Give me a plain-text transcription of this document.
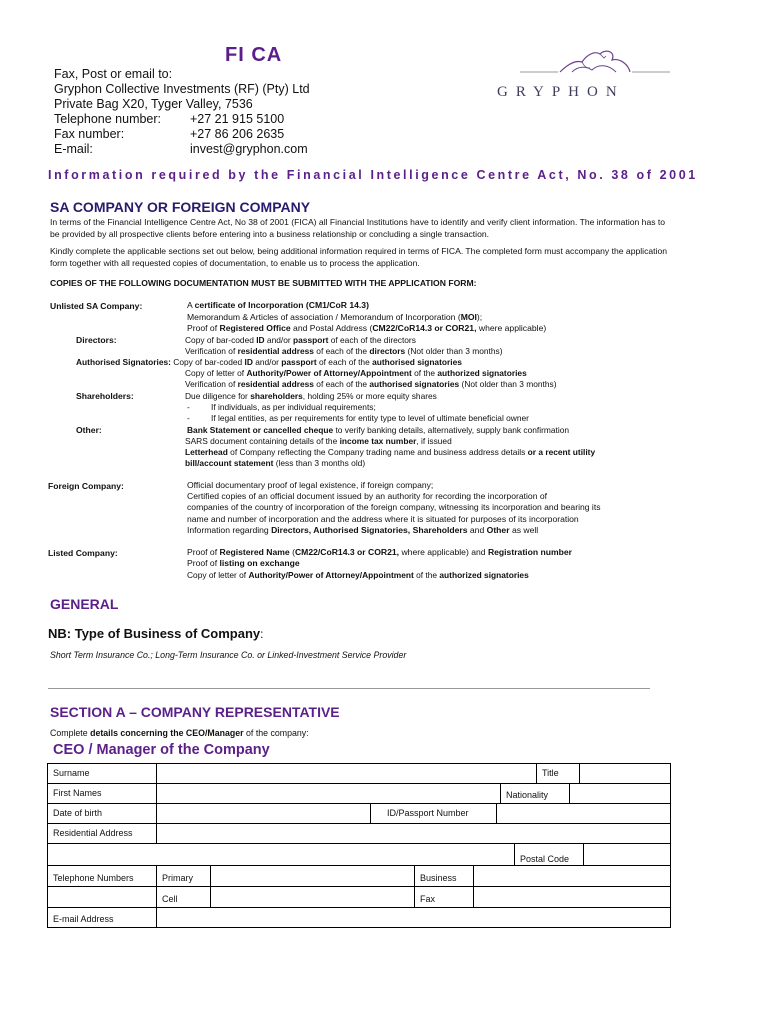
FI CA
Fax, Post or email to:
Gryphon Collective Investments (RF) (Pty) Ltd
Private Bag X20, Tyger Valley, 7536
Telephone number: +27 21 915 5100
Fax number:	+27 86 206 2635
E-mail:	invest@gryphon.com
GRYPHON
Information required by the Financial Intelligence Centre Act, No. 38 of 2001
SA COMPANY OR FOREIGN COMPANY
In terms of the Financial Intelligence Centre Act, No 38 of 2001 (FICA) all Financial Institutions have to identify and verify client information. The information has to be provided by all prospective clients before entering into a business relationship or concluding a single transaction.
Kindly complete the applicable sections set out below, being additional information required in terms of FICA. The completed form must accompany the application form together with all requested copies of documentation, to enable us to process the application.
COPIES OF THE FOLLOWING DOCUMENTATION MUST BE SUBMITTED WITH THE APPLICATION FORM:
Unlisted SA Company:	A certificate of Incorporation (CM1/CoR 14.3)
Memorandum & Articles of association / Memorandum of Incorporation (MOI);
Proof of Registered Office and Postal Address (CM22/CoR14.3 or COR21, where applicable)
Directors:	Copy of bar-coded ID and/or passport of each of the directors
Verification of residential address of each of the directors (Not older than 3 months)
Authorised Signatories: Copy of bar-coded ID and/or passport of each of the authorised signatories
Copy of letter of Authority/Power of Attorney/Appointment of the authorized signatories
Verification of residential address of each of the authorised signatories (Not older than 3 months)
Shareholders:	Due diligence for shareholders, holding 25% or more equity shares
-	If individuals, as per individual requirements;
-	If legal entities, as per requirements for entity type to level of ultimate beneficial owner
Other:	Bank Statement or cancelled cheque to verify banking details, alternatively, supply bank confirmation
SARS document containing details of the income tax number, if issued
Letterhead of Company reflecting the Company trading name and business address details or a recent utility
bill/account statement (less than 3 months old)
Foreign Company:	Official documentary proof of legal existence, if foreign company;
Certified copies of an official document issued by an authority for recording the incorporation of
companies of the country of incorporation of the foreign company, witnessing its incorporation and bearing its
name and number of incorporation and the address where it is situated for purposes of its incorporation
Information regarding Directors, Authorised Signatories, Shareholders and Other as well
Listed Company:	Proof of Registered Name (CM22/CoR14.3 or COR21, where applicable) and Registration number
Proof of listing on exchange
Copy of letter of Authority/Power of Attorney/Appointment of the authorized signatories
GENERAL
NB: Type of Business of Company:
Short Term Insurance Co.; Long-Term Insurance Co. or Linked-Investment Service Provider
SECTION A – COMPANY REPRESENTATIVE
Complete details concerning the CEO/Manager of the company:
CEO / Manager of the Company
Surname	Title
First Names	Nationality
Date of birth	ID/Passport Number
Residential Address
Postal Code
Telephone Numbers	Primary	Business
Cell	Fax
E-mail Address
